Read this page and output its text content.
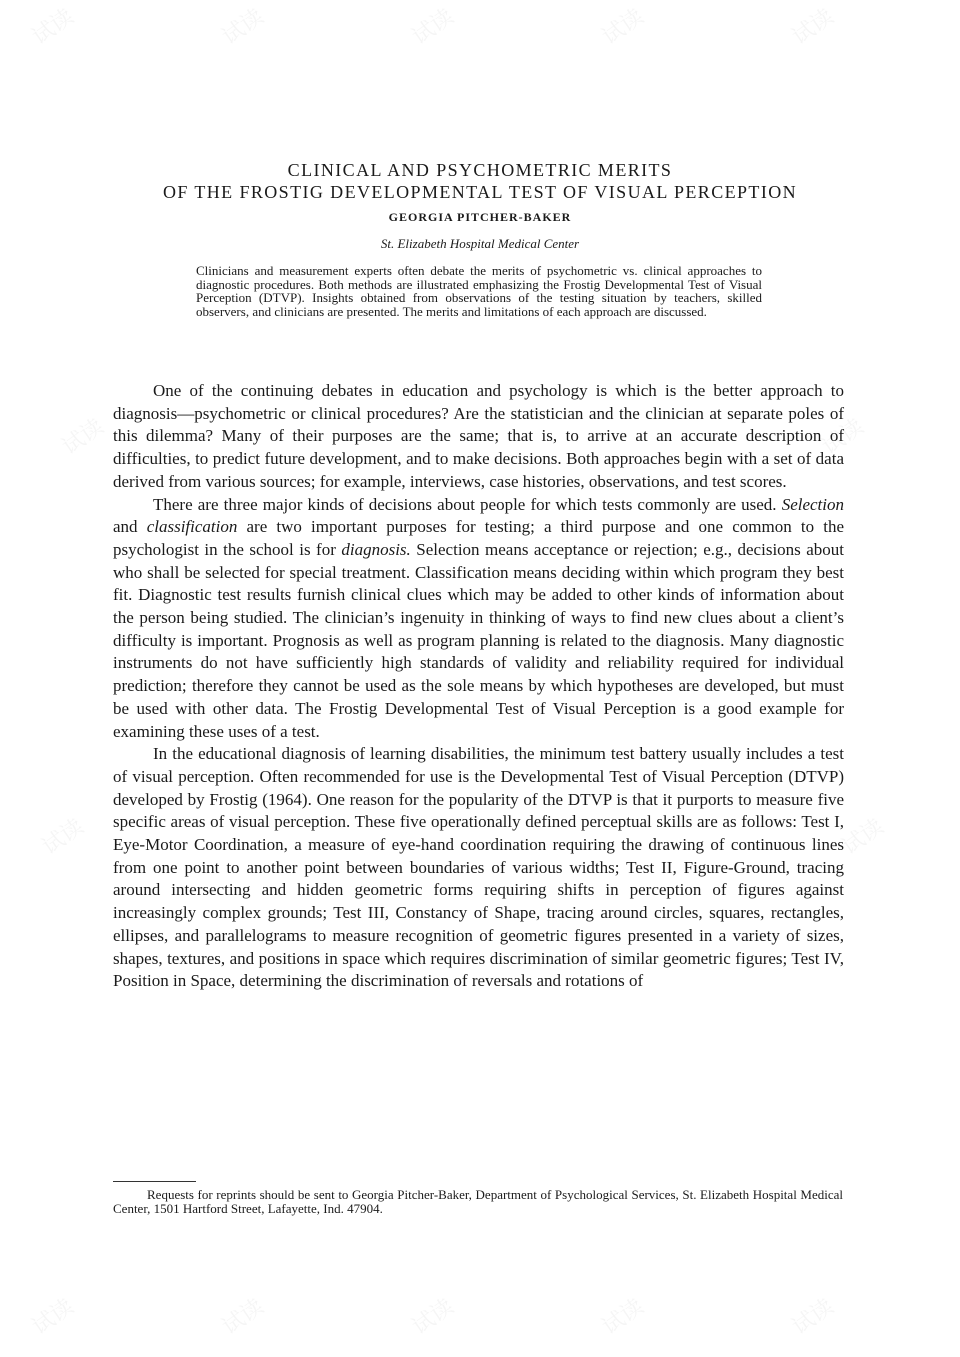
试读	试读	试读	试读	试读
试读	试读
试读	试读
试读	试读	试读	试读	试读
CLINICAL AND PSYCHOMETRIC MERITS
OF THE FROSTIG DEVELOPMENTAL TEST OF VISUAL PERCEPTION
GEORGIA PITCHER-BAKER
St. Elizabeth Hospital Medical Center
Clinicians and measurement experts often debate the merits of psychometric vs. clinical approaches to diagnostic procedures. Both methods are illustrated emphasizing the Frostig Developmental Test of Visual Perception (DTVP). Insights obtained from observations of the testing situation by teachers, skilled observers, and clinicians are presented. The merits and limitations of each approach are discussed.

One of the continuing debates in education and psychology is which is the better approach to diagnosis—psychometric or clinical procedures? Are the statistician and the clinician at separate poles of this dilemma? Many of their purposes are the same; that is, to arrive at an accurate description of difficulties, to predict future development, and to make decisions. Both approaches begin with a set of data derived from various sources; for example, interviews, case histories, observations, and test scores.

There are three major kinds of decisions about people for which tests commonly are used. Selection and classification are two important purposes for testing; a third purpose and one common to the psychologist in the school is for diagnosis. Selection means acceptance or rejection; e.g., decisions about who shall be selected for special treatment. Classification means deciding within which program they best fit. Diagnostic test results furnish clinical clues which may be added to other kinds of information about the person being studied. The clinician’s ingenuity in thinking of ways to find new clues about a client’s difficulty is important. Prognosis as well as program planning is related to the diagnosis. Many diagnostic instruments do not have sufficiently high standards of validity and reliability required for individual prediction; therefore they cannot be used as the sole means by which hypotheses are developed, but must be used with other data. The Frostig Developmental Test of Visual Perception is a good example for examining these uses of a test.

In the educational diagnosis of learning disabilities, the minimum test battery usually includes a test of visual perception. Often recommended for use is the Developmental Test of Visual Perception (DTVP) developed by Frostig (1964). One reason for the popularity of the DTVP is that it purports to measure five specific areas of visual perception. These five operationally defined perceptual skills are as follows: Test I, Eye-Motor Coordination, a measure of eye-hand coordination requiring the drawing of continuous lines from one point to another point between boundaries of various widths; Test II, Figure-Ground, tracing around intersecting and hidden geometric forms requiring shifts in perception of figures against increasingly complex grounds; Test III, Constancy of Shape, tracing around circles, squares, rectangles, ellipses, and parallelograms to measure recognition of geometric figures presented in a variety of sizes, shapes, textures, and positions in space which requires discrimination of similar geometric figures; Test IV, Position in Space, determining the discrimination of reversals and rotations of

Requests for reprints should be sent to Georgia Pitcher-Baker, Department of Psychological Services, St. Elizabeth Hospital Medical Center, 1501 Hartford Street, Lafayette, Ind. 47904.
